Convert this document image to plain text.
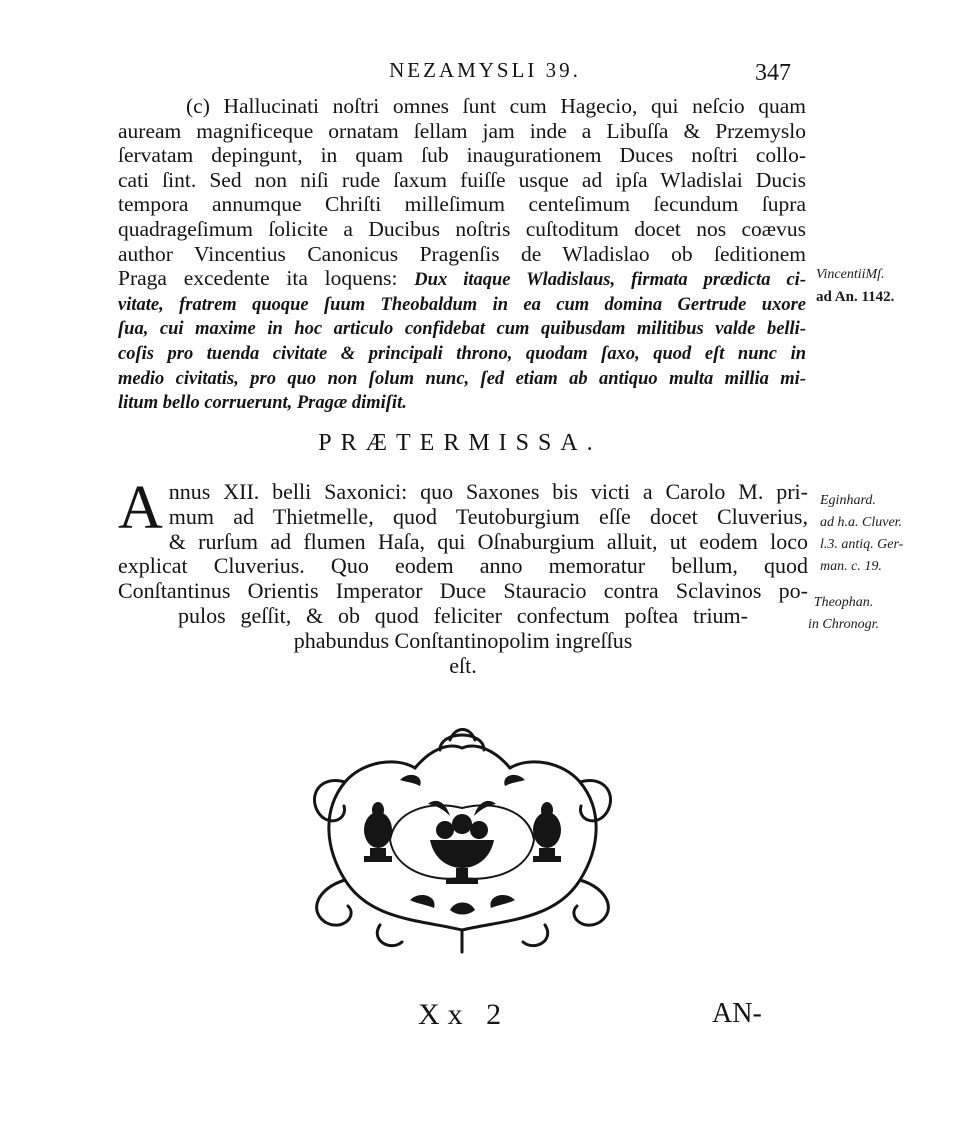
NEZAMYSLI 39.	347
(c) Hallucinati noſtri omnes ſunt cum Hagecio, qui neſcio quam
auream magnificeque ornatam ſellam jam inde a Libuſſa & Przemyslo
ſervatam depingunt, in quam ſub inaugurationem Duces noſtri collo-
cati ſint. Sed non niſi rude ſaxum fuiſſe usque ad ipſa Wladislai Ducis
tempora annumque Chriſti milleſimum centeſimum ſecundum ſupra
quadrageſimum ſolicite a Ducibus noſtris cuſtoditum docet nos coævus
author Vincentius Canonicus Pragenſis de Wladislao ob ſeditionem
Praga excedente ita loquens: Dux itaque Wladislaus, firmata prædicta ci-
vitate, fratrem quoque ſuum Theobaldum in ea cum domina Gertrude uxore
ſua, cui maxime in hoc articulo confidebat cum quibusdam militibus valde belli-
coſis pro tuenda civitate & principali throno, quodam ſaxo, quod eſt nunc in
medio civitatis, pro quo non ſolum nunc, ſed etiam ab antiquo multa millia mi-
litum bello corruerunt, Pragæ dimiſit.
VincentiiMſ.
ad An. 1142.
PRÆTERMISSA.
A nnus XII. belli Saxonici: quo Saxones bis victi a Carolo M. pri-
mum ad Thietmelle, quod Teutoburgium eſſe docet Cluverius,
& rurſum ad flumen Haſa, qui Oſnaburgium alluit, ut eodem loco
explicat Cluverius. Quo eodem anno memoratur bellum, quod
Conſtantinus Orientis Imperator Duce Stauracio contra Sclavinos po-
pulos geſſit, & ob quod feliciter confectum poſtea trium-
phabundus Conſtantinopolim ingreſſus
eſt.
Eginhard.
ad h.a. Cluver.
l.3. antiq. Ger-
man. c. 19.
Theophan.
in Chronogr.
Xx 2	AN-
